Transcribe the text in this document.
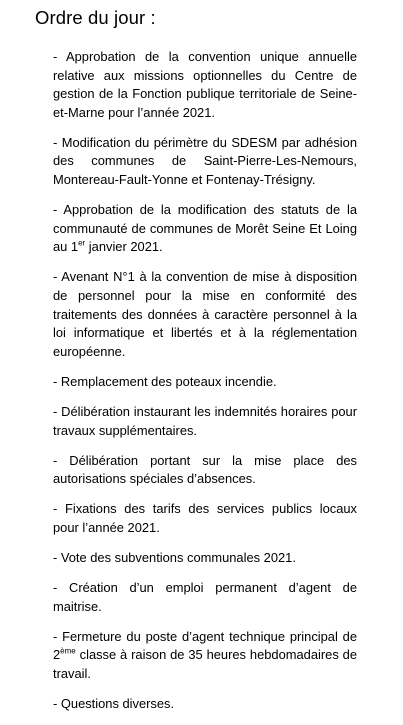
Ordre du jour :
- Approbation de la convention unique annuelle relative aux missions optionnelles du Centre de gestion de la Fonction publique territoriale de Seine-et-Marne pour l’année 2021.
- Modification du périmètre du SDESM par adhésion des communes de Saint-Pierre-Les-Nemours, Montereau-Fault-Yonne et Fontenay-Trésigny.
- Approbation de la modification des statuts de la communauté de communes de Morêt Seine Et Loing au 1er janvier 2021.
- Avenant N°1 à la convention de mise à disposition de personnel pour la mise en conformité des traitements des données à caractère personnel à la loi informatique et libertés et à la réglementation européenne.
- Remplacement des poteaux incendie.
- Délibération instaurant les indemnités horaires pour travaux supplémentaires.
- Délibération portant sur la mise place des autorisations spéciales d’absences.
- Fixations des tarifs des services publics locaux pour l’année 2021.
- Vote des subventions communales 2021.
- Création d’un emploi permanent d’agent de maitrise.
- Fermeture du poste d’agent technique principal de 2ème classe à raison de 35 heures hebdomadaires de travail.
- Questions diverses.
